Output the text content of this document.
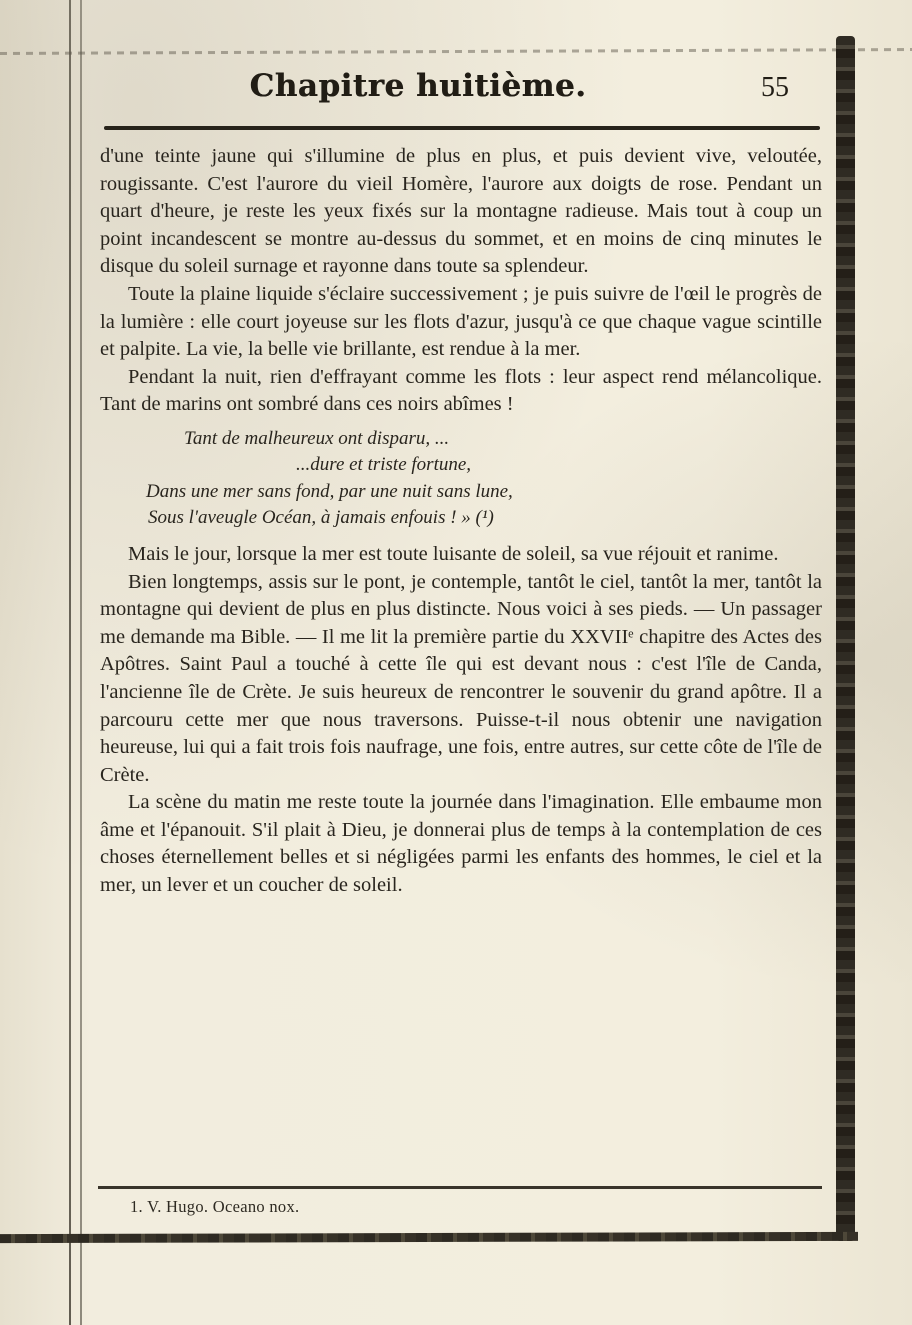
Chapitre huitième.	55

d'une teinte jaune qui s'illumine de plus en plus, et puis devient vive, veloutée, rougissante. C'est l'aurore du vieil Homère, l'aurore aux doigts de rose. Pendant un quart d'heure, je reste les yeux fixés sur la montagne radieuse. Mais tout à coup un point incandescent se montre au-dessus du sommet, et en moins de cinq minutes le disque du soleil surnage et rayonne dans toute sa splendeur.

Toute la plaine liquide s'éclaire successivement ; je puis suivre de l'œil le progrès de la lumière : elle court joyeuse sur les flots d'azur, jusqu'à ce que chaque vague scintille et palpite. La vie, la belle vie brillante, est rendue à la mer.

Pendant la nuit, rien d'effrayant comme les flots : leur aspect rend mélancolique. Tant de marins ont sombré dans ces noirs abîmes !

Tant de malheureux ont disparu, ...
...dure et triste fortune,
Dans une mer sans fond, par une nuit sans lune,
Sous l'aveugle Océan, à jamais enfouis ! » (¹)

Mais le jour, lorsque la mer est toute luisante de soleil, sa vue réjouit et ranime.

Bien longtemps, assis sur le pont, je contemple, tantôt le ciel, tantôt la mer, tantôt la montagne qui devient de plus en plus distincte. Nous voici à ses pieds. — Un passager me demande ma Bible. — Il me lit la première partie du XXVIIᵉ chapitre des Actes des Apôtres. Saint Paul a touché à cette île qui est devant nous : c'est l'île de Canda, l'ancienne île de Crète. Je suis heureux de rencontrer le souvenir du grand apôtre. Il a parcouru cette mer que nous traversons. Puisse-t-il nous obtenir une navigation heureuse, lui qui a fait trois fois naufrage, une fois, entre autres, sur cette côte de l'île de Crète.

La scène du matin me reste toute la journée dans l'imagination. Elle embaume mon âme et l'épanouit. S'il plait à Dieu, je donnerai plus de temps à la contemplation de ces choses éternellement belles et si négligées parmi les enfants des hommes, le ciel et la mer, un lever et un coucher de soleil.

1. V. Hugo. Oceano nox.
